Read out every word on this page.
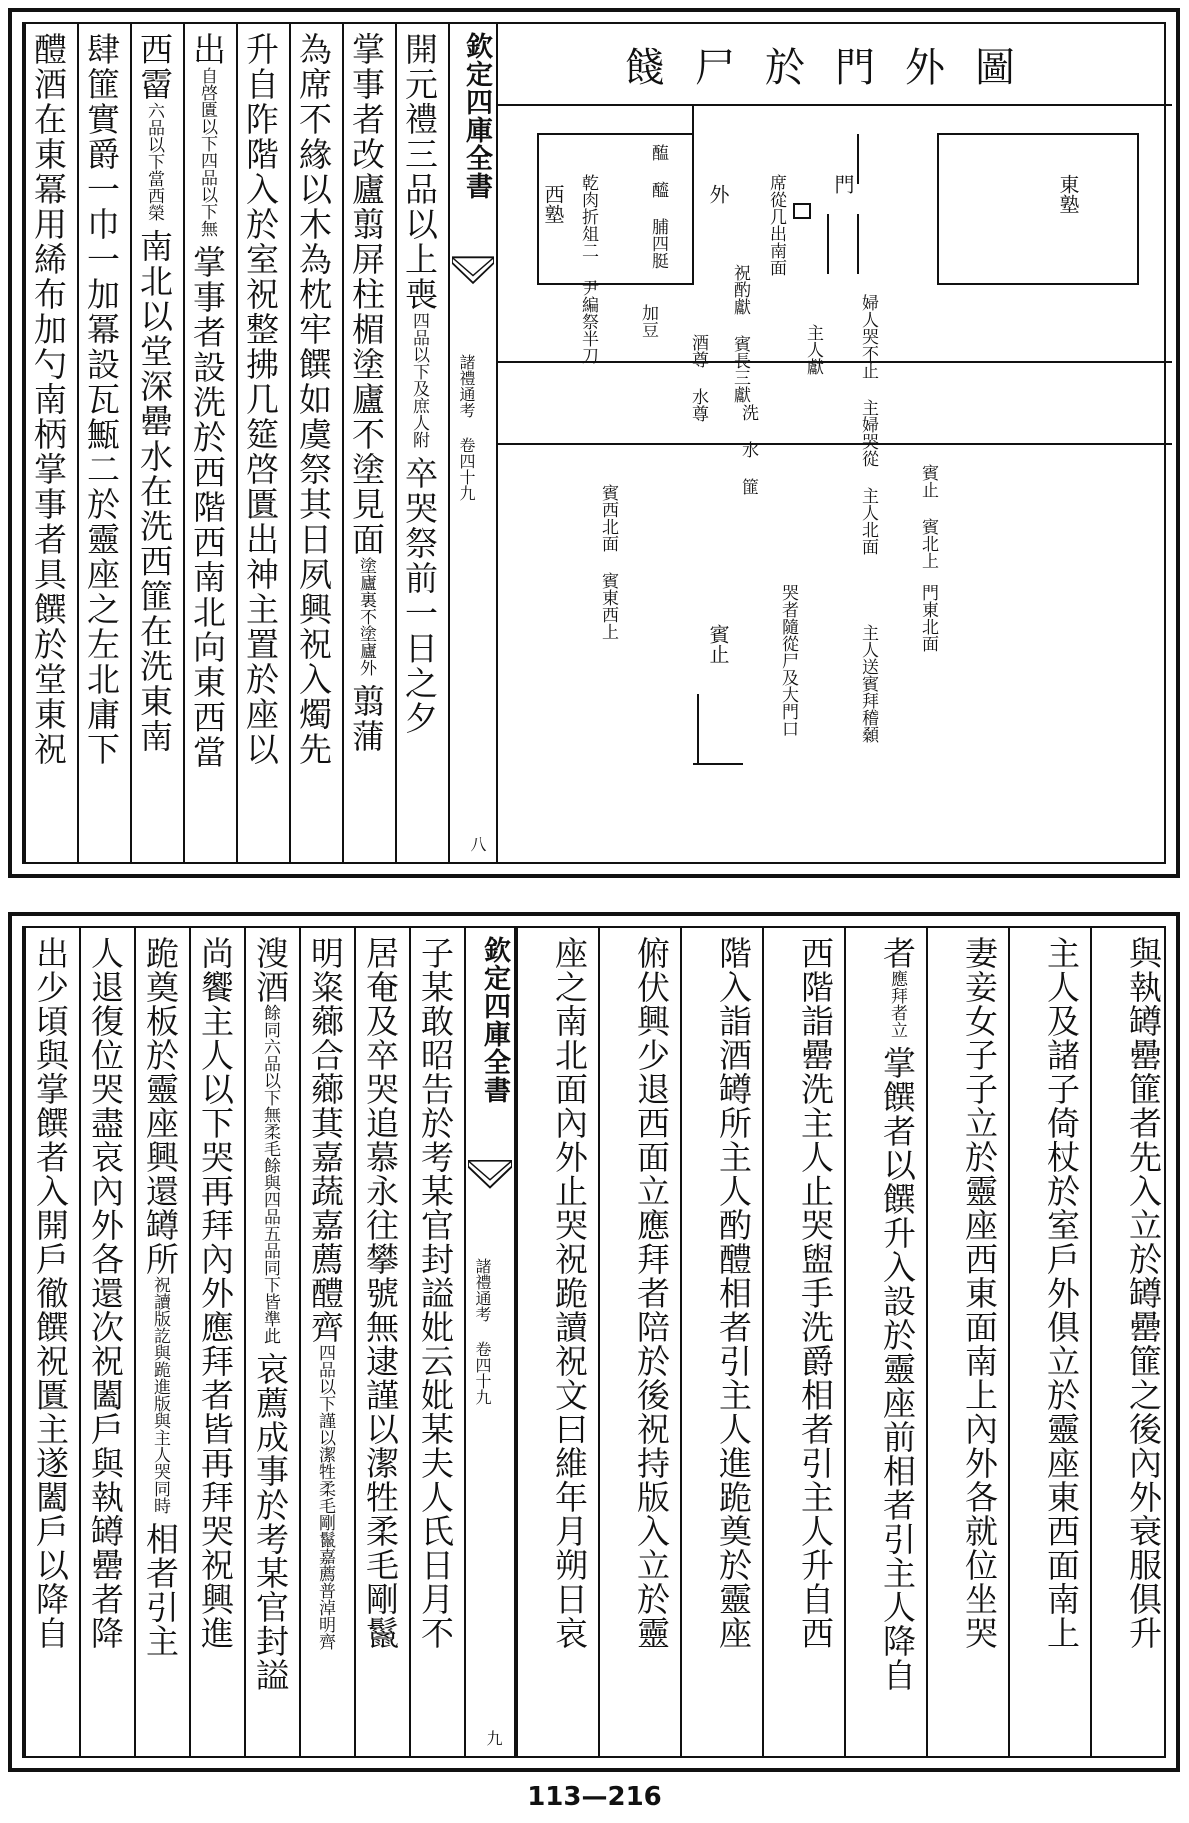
醴酒在東冪用絺布加勺南柄掌事者具饌於堂東祝 肆篚實爵一巾一加冪設瓦甒二於靈座之左北庸下 西霤六品以下當西榮南北以堂深罍水在洗西篚在洗東南
出自啓匱以下四品以下無掌事者設洗於西階西南北向東西當 升自阼階入於室祝整拂几筵啓匱出神主置於座以 為席不緣以木為枕牢饌如虞祭其日夙興祝入燭先 掌事者改廬翦屏柱楣塗廬不塗見面塗廬裏不塗廬外翦蒲
開元禮三品以上喪四品以下及庶人附卒哭祭前一日之夕
欽定四庫全書
諸禮通考 卷四十九
八
餞尸於門外圖
東塾
西塾	外	門
醢 醯 脯四脡
乾肉折俎二 尹編祭半刀	席從几出南面
主人獻
祝酌獻 賓長三獻
加豆
酒尊 水尊
洗 水 篚	婦人哭不止 主婦哭從 主人北面 賓止 賓北上
賓西北面 賓東西上	門東北面
主人送賓拜稽顙
賓止	哭者隨從尸及大門口
出少頃與掌饌者入開戶徹饌祝匱主遂闔戶以降自 人退復位哭盡哀內外各還次祝闔戶與執罇罍者降 跪奠板於靈座興還罇所祝讀版訖與跪進版與主人哭同時相者引主 尚饗主人以下哭再拜內外應拜者皆再拜哭祝興進 溲酒餘同六品以下無柔毛餘與四品五品同下皆準此哀薦成事於考某官封謚
明粢薌合薌萁嘉蔬嘉薦醴齊四品以下謹以潔牲柔毛剛鬣嘉薦普淖明齊 居奄及卒哭追慕永往攀號無逮謹以潔牲柔毛剛鬣 子某敢昭告於考某官封謚妣云妣某夫人氏日月不 欽定四庫全書
諸禮通考 卷四十九
九
座之南北面內外止哭祝跪讀祝文曰維年月朔日哀	俯伏興少退西面立應拜者陪於後祝持版入立於靈	階入詣酒罇所主人酌醴相者引主人進跪奠於靈座	西階詣罍洗主人止哭盥手洗爵相者引主人升自西	者應拜者立掌饌者以饌升入設於靈座前相者引主人降自	妻妾女子子立於靈座西東面南上內外各就位坐哭	主人及諸子倚杖於室戶外俱立於靈座東西面南上	與執罇罍篚者先入立於罇罍篚之後內外衰服俱升
113—216
